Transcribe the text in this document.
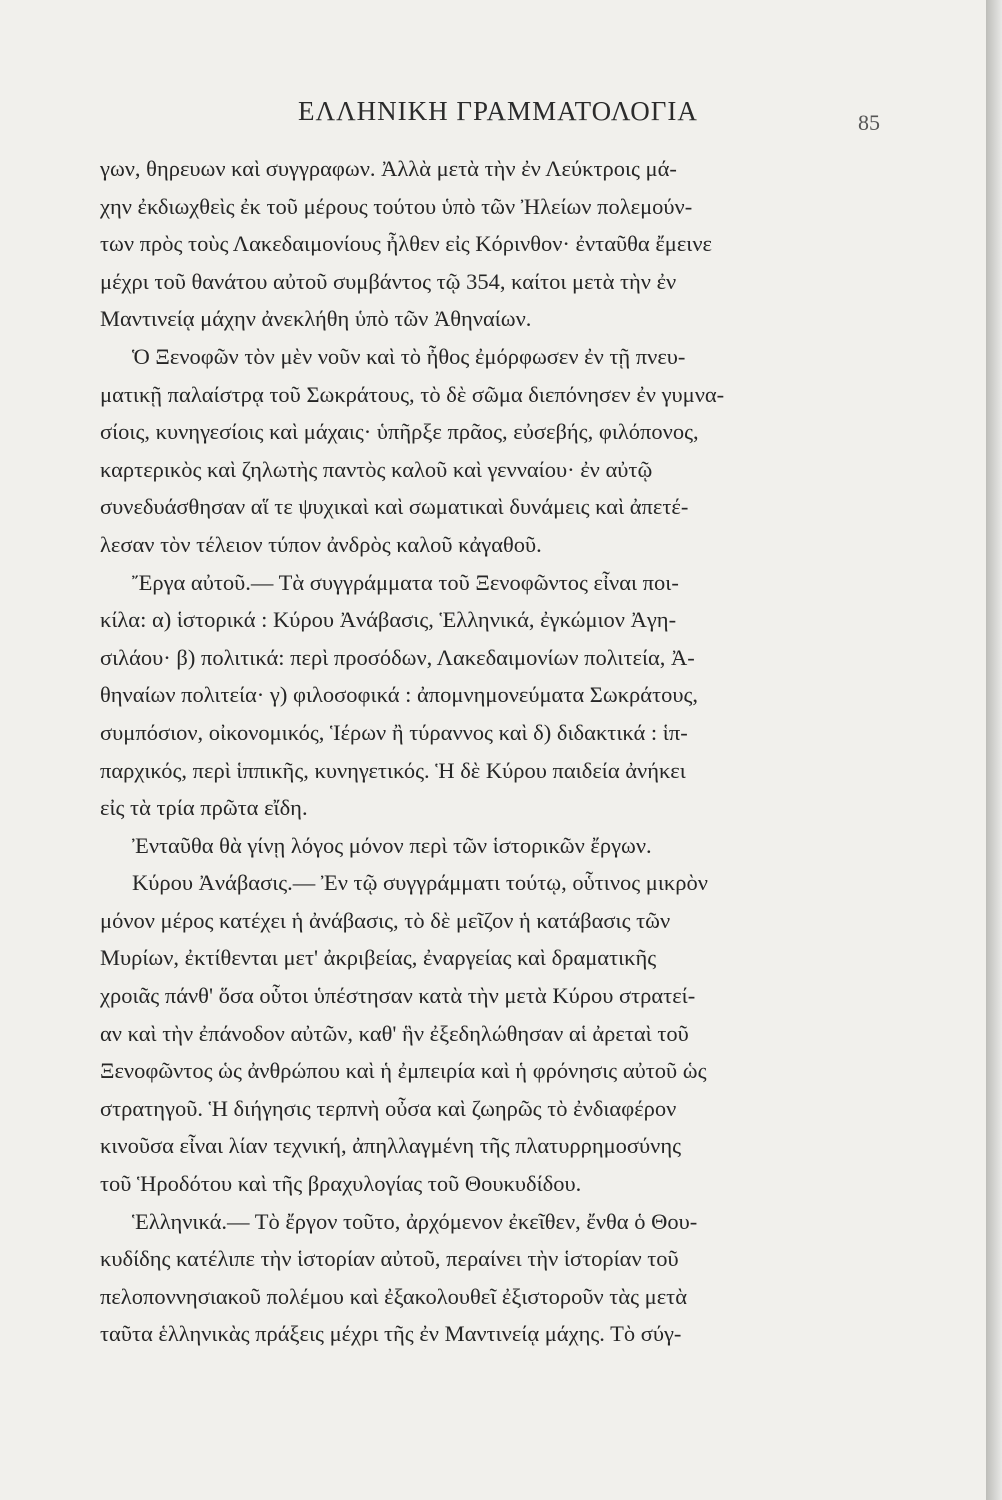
ΕΛΛΗΝΙΚΗ ΓΡΑΜΜΑΤΟΛΟΓΙΑ	85
γων, θηρευων καὶ συγγραφων. Ἀλλὰ μετὰ τὴν ἐν Λεύκτροις μά-
χην ἐκδιωχθεὶς ἐκ τοῦ μέρους τούτου ὑπὸ τῶν Ἠλείων πολεμούν-
των πρὸς τοὺς Λακεδαιμονίους ἦλθεν εἰς Κόρινθον· ἐνταῦθα ἔμεινε
μέχρι τοῦ θανάτου αὐτοῦ συμβάντος τῷ 354, καίτοι μετὰ τὴν ἐν
Μαντινείᾳ μάχην ἀνεκλήθη ὑπὸ τῶν Ἀθηναίων.
Ὁ Ξενοφῶν τὸν μὲν νοῦν καὶ τὸ ἦθος ἐμόρφωσεν ἐν τῇ πνευ-
ματικῇ παλαίστρᾳ τοῦ Σωκράτους, τὸ δὲ σῶμα διεπόνησεν ἐν γυμνα-
σίοις, κυνηγεσίοις καὶ μάχαις· ὑπῆρξε πρᾶος, εὐσεβής, φιλόπονος,
καρτερικὸς καὶ ζηλωτὴς παντὸς καλοῦ καὶ γενναίου· ἐν αὐτῷ
συνεδυάσθησαν αἵ τε ψυχικαὶ καὶ σωματικαὶ δυνάμεις καὶ ἀπετέ-
λεσαν τὸν τέλειον τύπον ἀνδρὸς καλοῦ κἀγαθοῦ.
Ἔργα αὐτοῦ.— Τὰ συγγράμματα τοῦ Ξενοφῶντος εἶναι ποι-
κίλα: α) ἱστορικά : Κύρου Ἀνάβασις, Ἑλληνικά, ἐγκώμιον Ἀγη-
σιλάου· β) πολιτικά: περὶ προσόδων, Λακεδαιμονίων πολιτεία, Ἀ-
θηναίων πολιτεία· γ) φιλοσοφικά : ἀπομνημονεύματα Σωκράτους,
συμπόσιον, οἰκονομικός, Ἱέρων ἢ τύραννος καὶ δ) διδακτικά : ἱπ-
παρχικός, περὶ ἱππικῆς, κυνηγετικός. Ἡ δὲ Κύρου παιδεία ἀνήκει
εἰς τὰ τρία πρῶτα εἴδη.
Ἐνταῦθα θὰ γίνῃ λόγος μόνον περὶ τῶν ἱστορικῶν ἔργων.
Κύρου Ἀνάβασις.— Ἐν τῷ συγγράμματι τούτῳ, οὗτινος μικρὸν
μόνον μέρος κατέχει ἡ ἀνάβασις, τὸ δὲ μεῖζον ἡ κατάβασις τῶν
Μυρίων, ἐκτίθενται μετ' ἀκριβείας, ἐναργείας καὶ δραματικῆς
χροιᾶς πάνθ' ὅσα οὗτοι ὑπέστησαν κατὰ τὴν μετὰ Κύρου στρατεί-
αν καὶ τὴν ἐπάνοδον αὐτῶν, καθ' ἣν ἐξεδηλώθησαν αἱ ἀρεταὶ τοῦ
Ξενοφῶντος ὡς ἀνθρώπου καὶ ἡ ἐμπειρία καὶ ἡ φρόνησις αὐτοῦ ὡς
στρατηγοῦ. Ἡ διήγησις τερπνὴ οὖσα καὶ ζωηρῶς τὸ ἐνδιαφέρον
κινοῦσα εἶναι λίαν τεχνική, ἀπηλλαγμένη τῆς πλατυρρημοσύνης
τοῦ Ἡροδότου καὶ τῆς βραχυλογίας τοῦ Θουκυδίδου.
Ἑλληνικά.— Τὸ ἔργον τοῦτο, ἀρχόμενον ἐκεῖθεν, ἔνθα ὁ Θου-
κυδίδης κατέλιπε τὴν ἱστορίαν αὐτοῦ, περαίνει τὴν ἱστορίαν τοῦ
πελοποννησιακοῦ πολέμου καὶ ἐξακολουθεῖ ἐξιστοροῦν τὰς μετὰ
ταῦτα ἑλληνικὰς πράξεις μέχρι τῆς ἐν Μαντινείᾳ μάχης. Τὸ σύγ-
